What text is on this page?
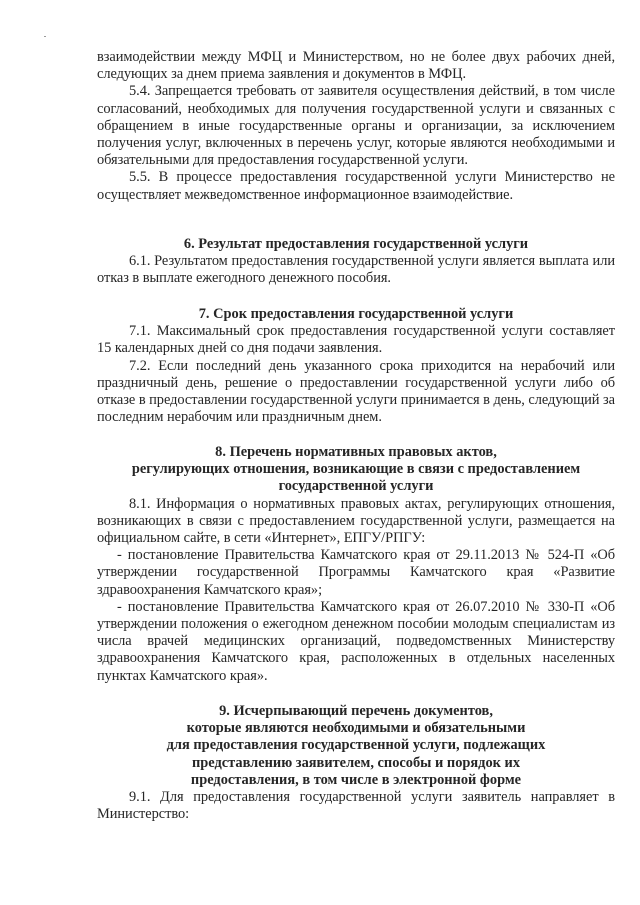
взаимодействии между МФЦ и Министерством, но не более двух рабочих дней, следующих за днем приема заявления и документов в МФЦ.

5.4. Запрещается требовать от заявителя осуществления действий, в том числе согласований, необходимых для получения государственной услуги и связанных с обращением в иные государственные органы и организации, за исключением получения услуг, включенных в перечень услуг, которые являются необходимыми и обязательными для предоставления государственной услуги.

5.5. В процессе предоставления государственной услуги Министерство не осуществляет межведомственное информационное взаимодействие.

6. Результат предоставления государственной услуги

6.1. Результатом предоставления государственной услуги является выплата или отказ в выплате ежегодного денежного пособия.

7. Срок предоставления государственной услуги

7.1. Максимальный срок предоставления государственной услуги составляет 15 календарных дней со дня подачи заявления.

7.2. Если последний день указанного срока приходится на нерабочий или праздничный день, решение о предоставлении государственной услуги либо об отказе в предоставлении государственной услуги принимается в день, следующий за последним нерабочим или праздничным днем.

8. Перечень нормативных правовых актов,

регулирующих отношения, возникающие в связи с предоставлением

государственной услуги

8.1. Информация о нормативных правовых актах, регулирующих отношения, возникающих в связи с предоставлением государственной услуги, размещается на официальном сайте, в сети «Интернет», ЕПГУ/РПГУ:

- постановление Правительства Камчатского края от 29.11.2013 № 524-П «Об утверждении государственной Программы Камчатского края «Развитие здравоохранения Камчатского края»;

- постановление Правительства Камчатского края от 26.07.2010 № 330-П «Об утверждении положения о ежегодном денежном пособии молодым специалистам из числа врачей медицинских организаций, подведомственных Министерству здравоохранения Камчатского края, расположенных в отдельных населенных пунктах Камчатского края».

9. Исчерпывающий перечень документов,

которые являются необходимыми и обязательными

для предоставления государственной услуги, подлежащих

представлению заявителем, способы и порядок их

предоставления, в том числе в электронной форме

9.1. Для предоставления государственной услуги заявитель направляет в Министерство:
